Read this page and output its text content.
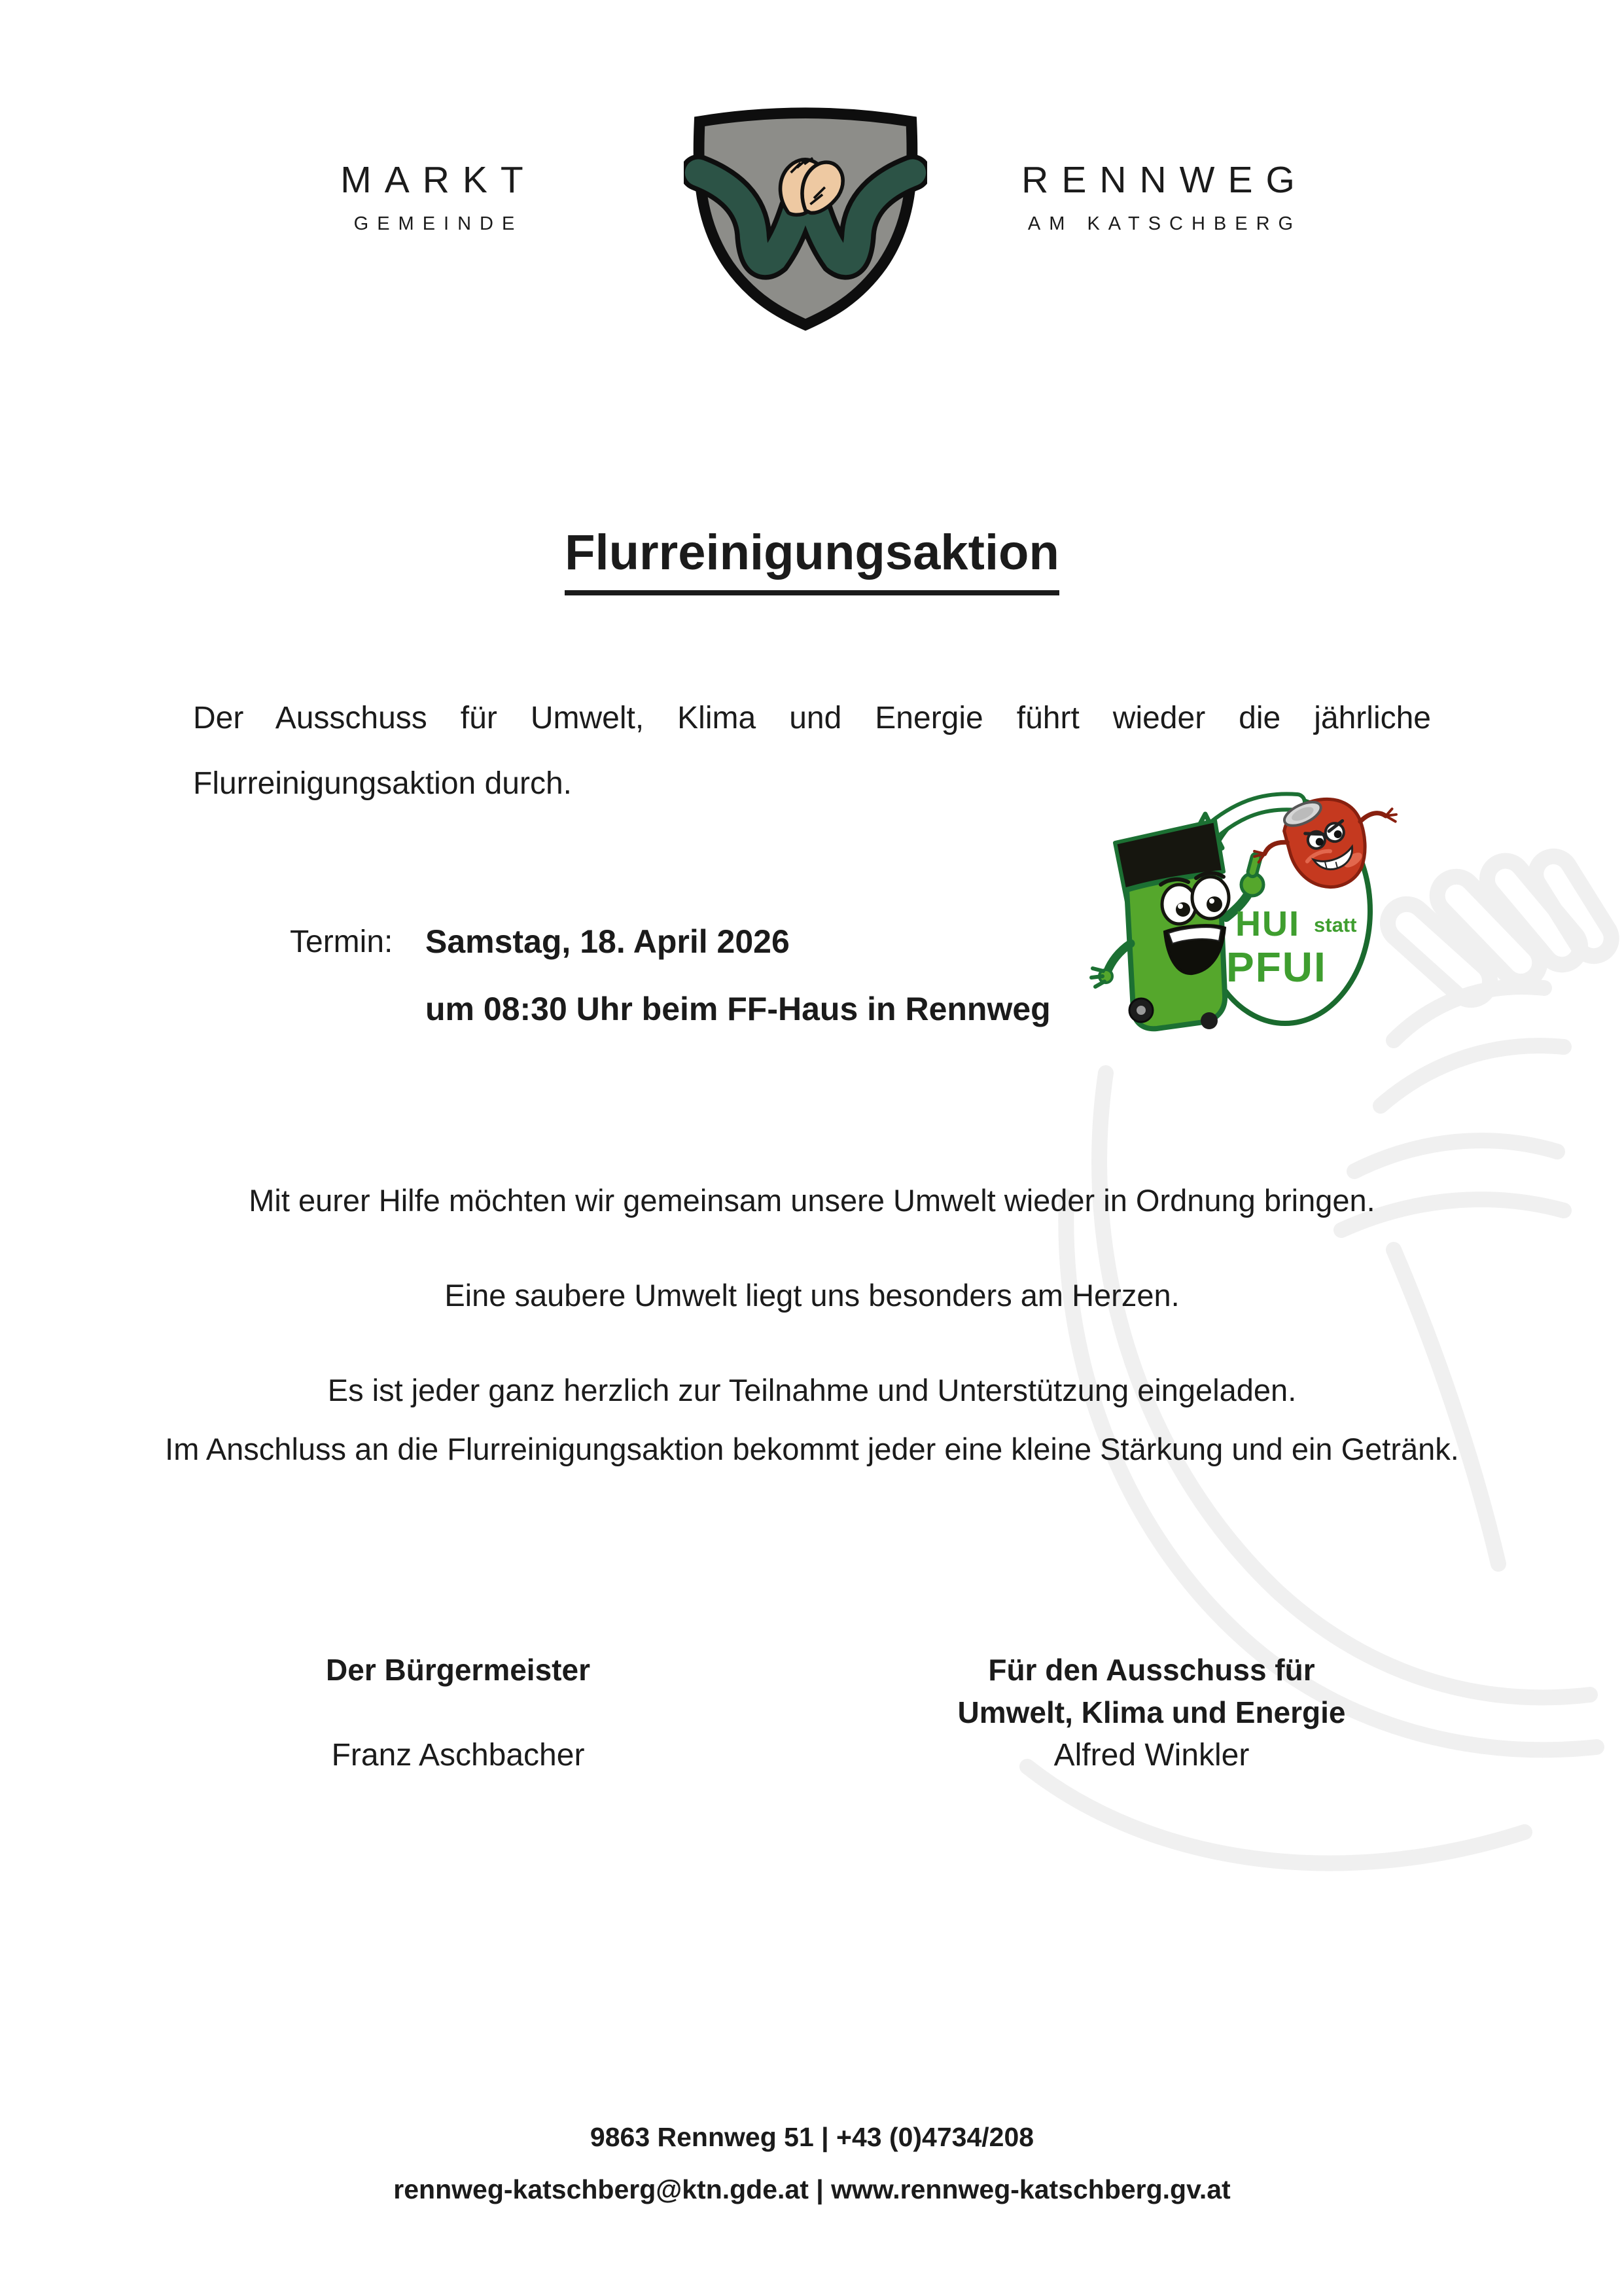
MARKT
GEMEINDE
RENNWEG
AM KATSCHBERG
Flurreinigungsaktion

Der Ausschuss für Umwelt, Klima und Energie führt wieder die jährliche Flurreinigungsaktion durch.

Termin: Samstag, 18. April 2026
um 08:30 Uhr beim FF-Haus in Rennweg
HUI statt
PFUI

Mit eurer Hilfe möchten wir gemeinsam unsere Umwelt wieder in Ordnung bringen.

Eine saubere Umwelt liegt uns besonders am Herzen.

Es ist jeder ganz herzlich zur Teilnahme und Unterstützung eingeladen.

Im Anschluss an die Flurreinigungsaktion bekommt jeder eine kleine Stärkung und ein Getränk.

Der Bürgermeister
Franz Aschbacher
Für den Ausschuss für
Umwelt, Klima und Energie
Alfred Winkler
9863 Rennweg 51 | +43 (0)4734/208
rennweg-katschberg@ktn.gde.at | www.rennweg-katschberg.gv.at
